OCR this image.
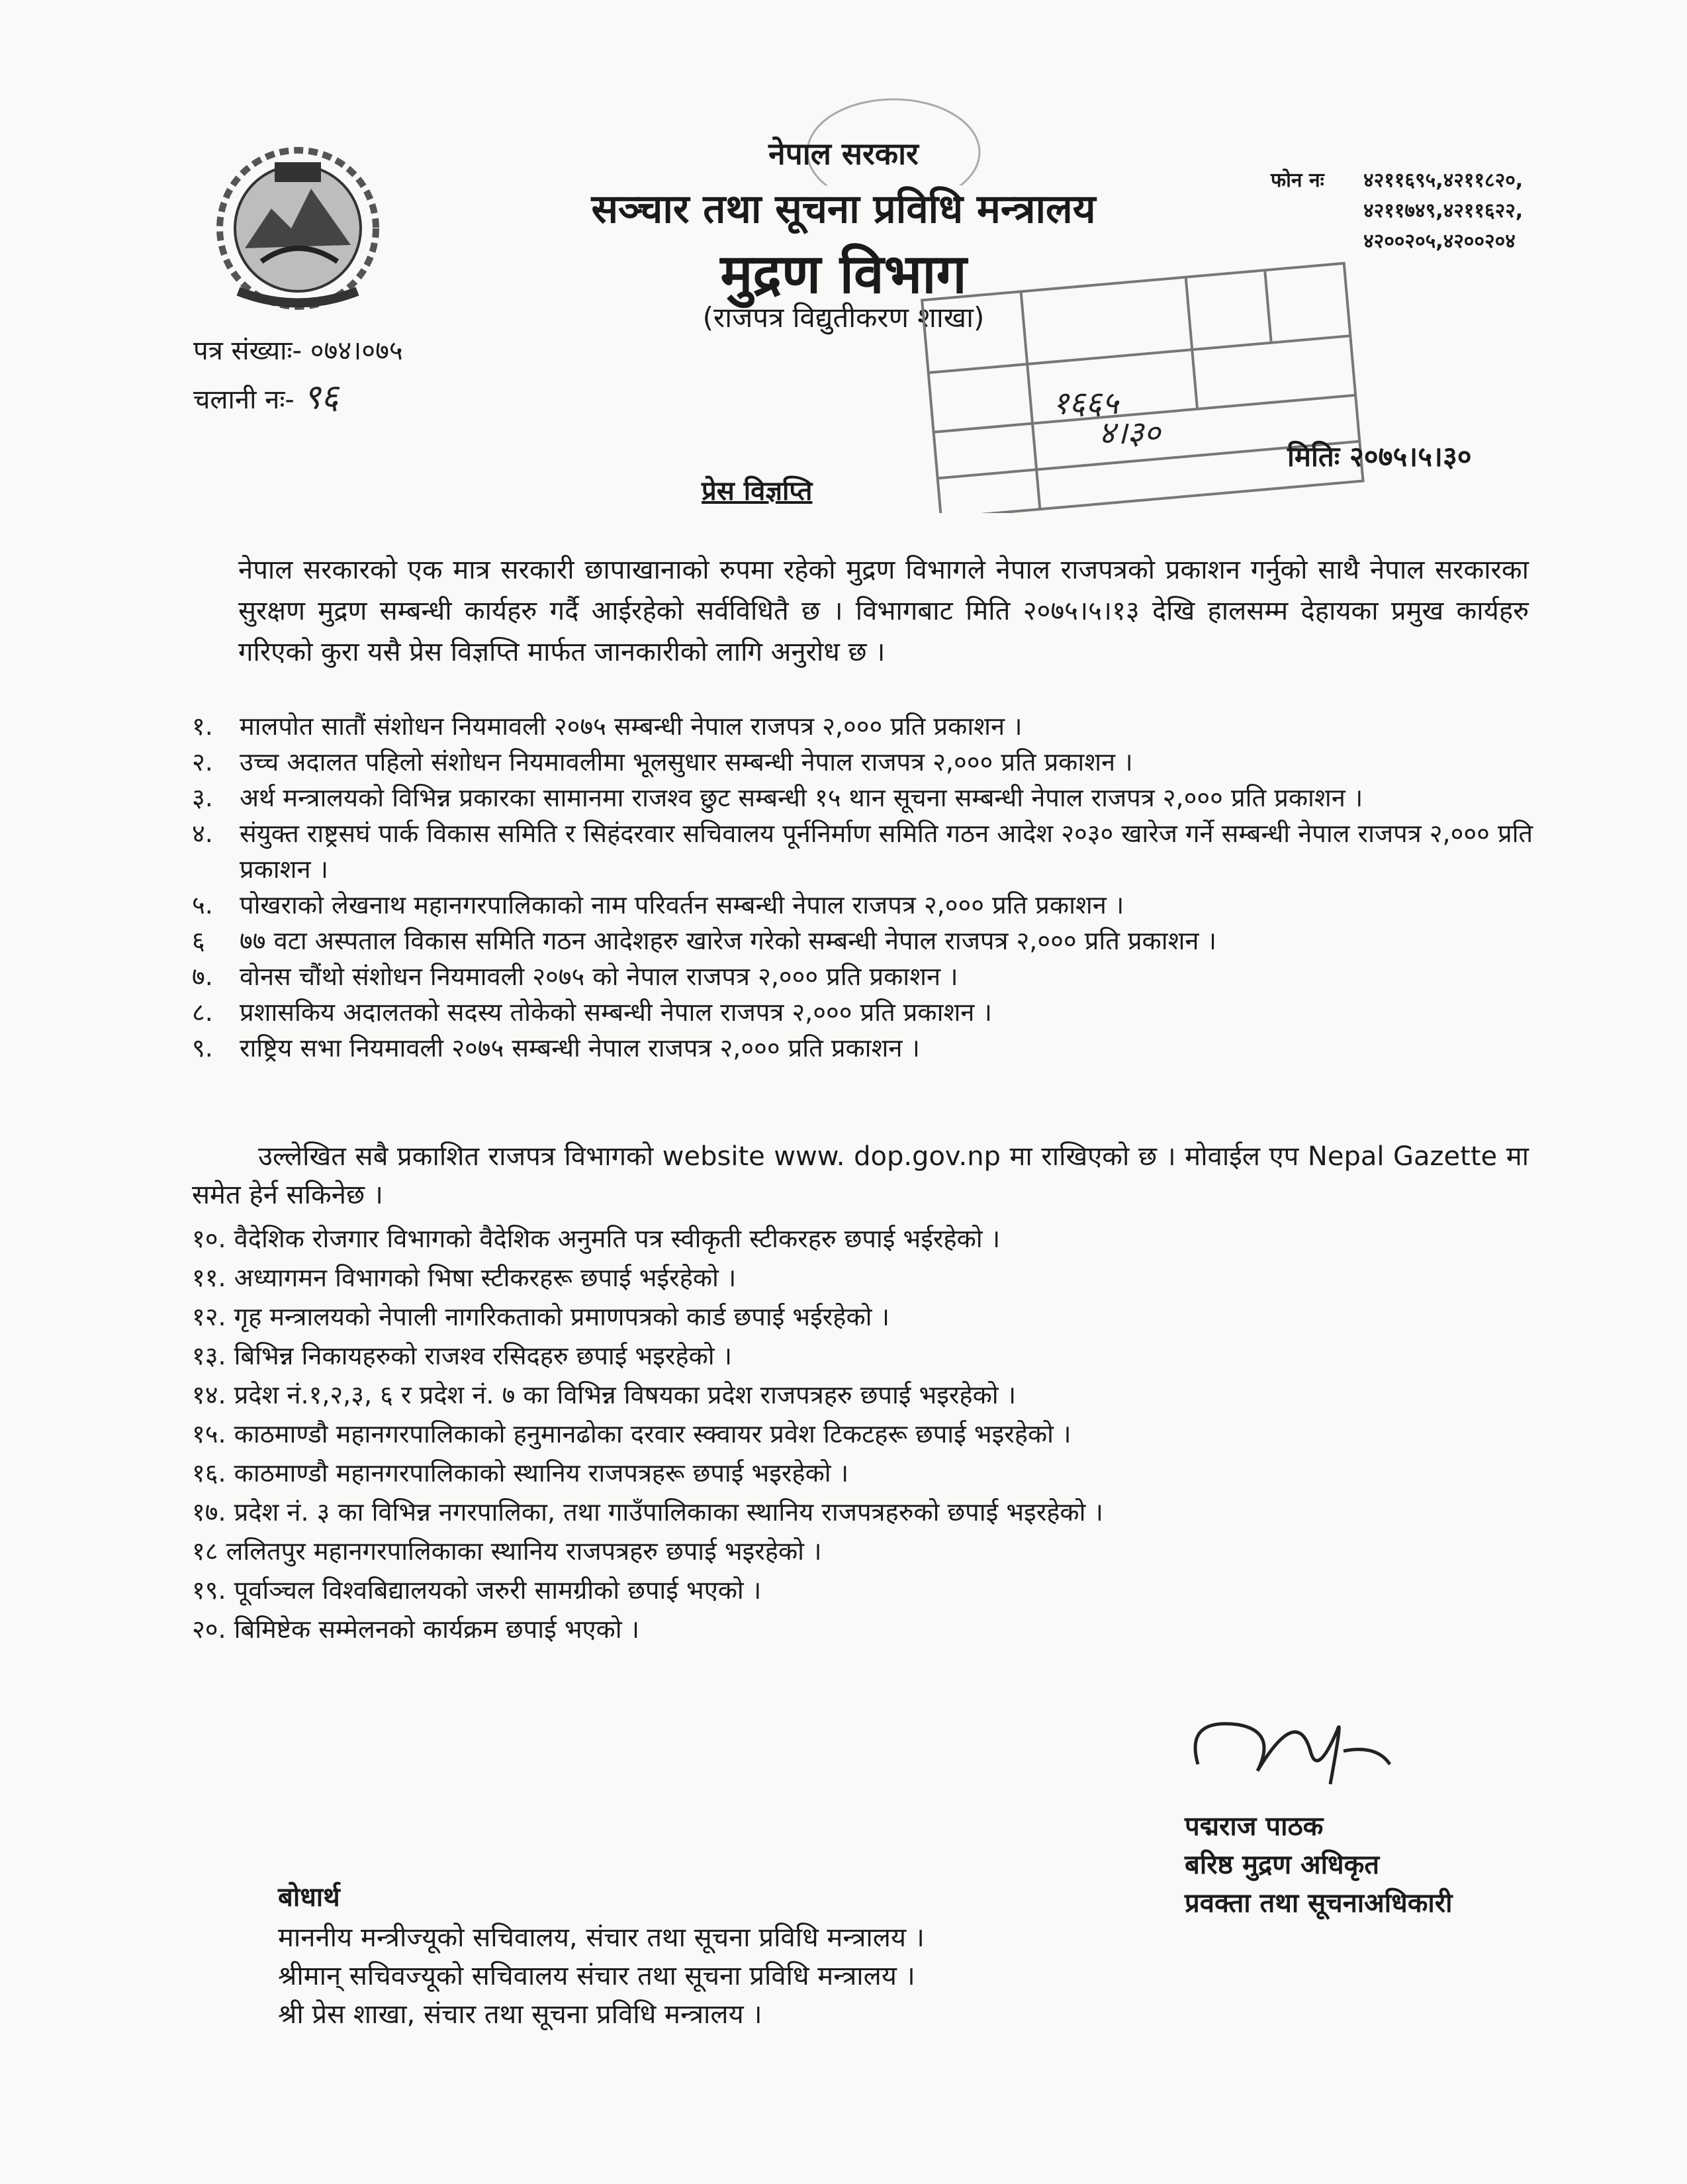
नेपाल सरकार
सञ्चार तथा सूचना प्रविधि मन्त्रालय
मुद्रण विभाग
(राजपत्र विद्युतीकरण शाखा)
फोन नः ४२११६९५,४२११८२०,
४२११७४९,४२११६२२,
४२००२०५,४२००२०४
पत्र संख्याः- ०७४।०७५
चलानी नः- ९६	१६६५
४।३०
मितिः २०७५।५।३०
प्रेस विज्ञप्ति
नेपाल सरकारको एक मात्र सरकारी छापाखानाको रुपमा रहेको मुद्रण विभागले नेपाल राजपत्रको प्रकाशन गर्नुको साथै नेपाल सरकारका सुरक्षण मुद्रण सम्बन्धी कार्यहरु गर्दै आईरहेको सर्वविधितै छ । विभागबाट मिति २०७५।५।१३ देखि हालसम्म देहायका प्रमुख कार्यहरु गरिएको कुरा यसै प्रेस विज्ञप्ति मार्फत जानकारीको लागि अनुरोध छ ।
१. मालपोत सातौं संशोधन नियमावली २०७५ सम्बन्धी नेपाल राजपत्र २,००० प्रति प्रकाशन ।
२. उच्च अदालत पहिलो संशोधन नियमावलीमा भूलसुधार सम्बन्धी नेपाल राजपत्र २,००० प्रति प्रकाशन ।
३. अर्थ मन्त्रालयको विभिन्न प्रकारका सामानमा राजश्व छुट सम्बन्धी १५ थान सूचना सम्बन्धी नेपाल राजपत्र २,००० प्रति प्रकाशन ।
४. संयुक्त राष्ट्रसघं पार्क विकास समिति र सिहंदरवार सचिवालय पूर्ननिर्माण समिति गठन आदेश २०३० खारेज गर्ने सम्बन्धी नेपाल राजपत्र २,००० प्रति प्रकाशन ।
५. पोखराको लेखनाथ महानगरपालिकाको नाम परिवर्तन सम्बन्धी नेपाल राजपत्र २,००० प्रति प्रकाशन ।
६ ७७ वटा अस्पताल विकास समिति गठन आदेशहरु खारेज गरेको सम्बन्धी नेपाल राजपत्र २,००० प्रति प्रकाशन ।
७. वोनस चौंथो संशोधन नियमावली २०७५ को नेपाल राजपत्र २,००० प्रति प्रकाशन ।
८. प्रशासकिय अदालतको सदस्य तोकेको सम्बन्धी नेपाल राजपत्र २,००० प्रति प्रकाशन ।
९. राष्ट्रिय सभा नियमावली २०७५ सम्बन्धी नेपाल राजपत्र २,००० प्रति प्रकाशन ।
उल्लेखित सबै प्रकाशित राजपत्र विभागको website www. dop.gov.np मा राखिएको छ । मोवाईल एप Nepal Gazette मा समेत हेर्न सकिनेछ ।
१०. वैदेशिक रोजगार विभागको वैदेशिक अनुमति पत्र स्वीकृती स्टीकरहरु छपाई भईरहेको ।
११. अध्यागमन विभागको भिषा स्टीकरहरू छपाई भईरहेको ।
१२. गृह मन्त्रालयको नेपाली नागरिकताको प्रमाणपत्रको कार्ड छपाई भईरहेको ।
१३. बिभिन्न निकायहरुको राजश्व रसिदहरु छपाई भइरहेको ।
१४. प्रदेश नं.१,२,३, ६ र प्रदेश नं. ७ का विभिन्न विषयका प्रदेश राजपत्रहरु छपाई भइरहेको ।
१५. काठमाण्डौ महानगरपालिकाको हनुमानढोका दरवार स्क्वायर प्रवेश टिकटहरू छपाई भइरहेको ।
१६. काठमाण्डौ महानगरपालिकाको स्थानिय राजपत्रहरू छपाई भइरहेको ।
१७. प्रदेश नं. ३ का विभिन्न नगरपालिका, तथा गाउँपालिकाका स्थानिय राजपत्रहरुको छपाई भइरहेको ।
१८ ललितपुर महानगरपालिकाका स्थानिय राजपत्रहरु छपाई भइरहेको ।
१९. पूर्वाञ्चल विश्वबिद्यालयको जरुरी सामग्रीको छपाई भएको ।
२०. बिमिष्टेक सम्मेलनको कार्यक्रम छपाई भएको ।
पद्मराज पाठक
बरिष्ठ मुद्रण अधिकृत
प्रवक्ता तथा सूचनाअधिकारी
बोधार्थ
माननीय मन्त्रीज्यूको सचिवालय, संचार तथा सूचना प्रविधि मन्त्रालय ।
श्रीमान् सचिवज्यूको सचिवालय संचार तथा सूचना प्रविधि मन्त्रालय ।
श्री प्रेस शाखा, संचार तथा सूचना प्रविधि मन्त्रालय ।
